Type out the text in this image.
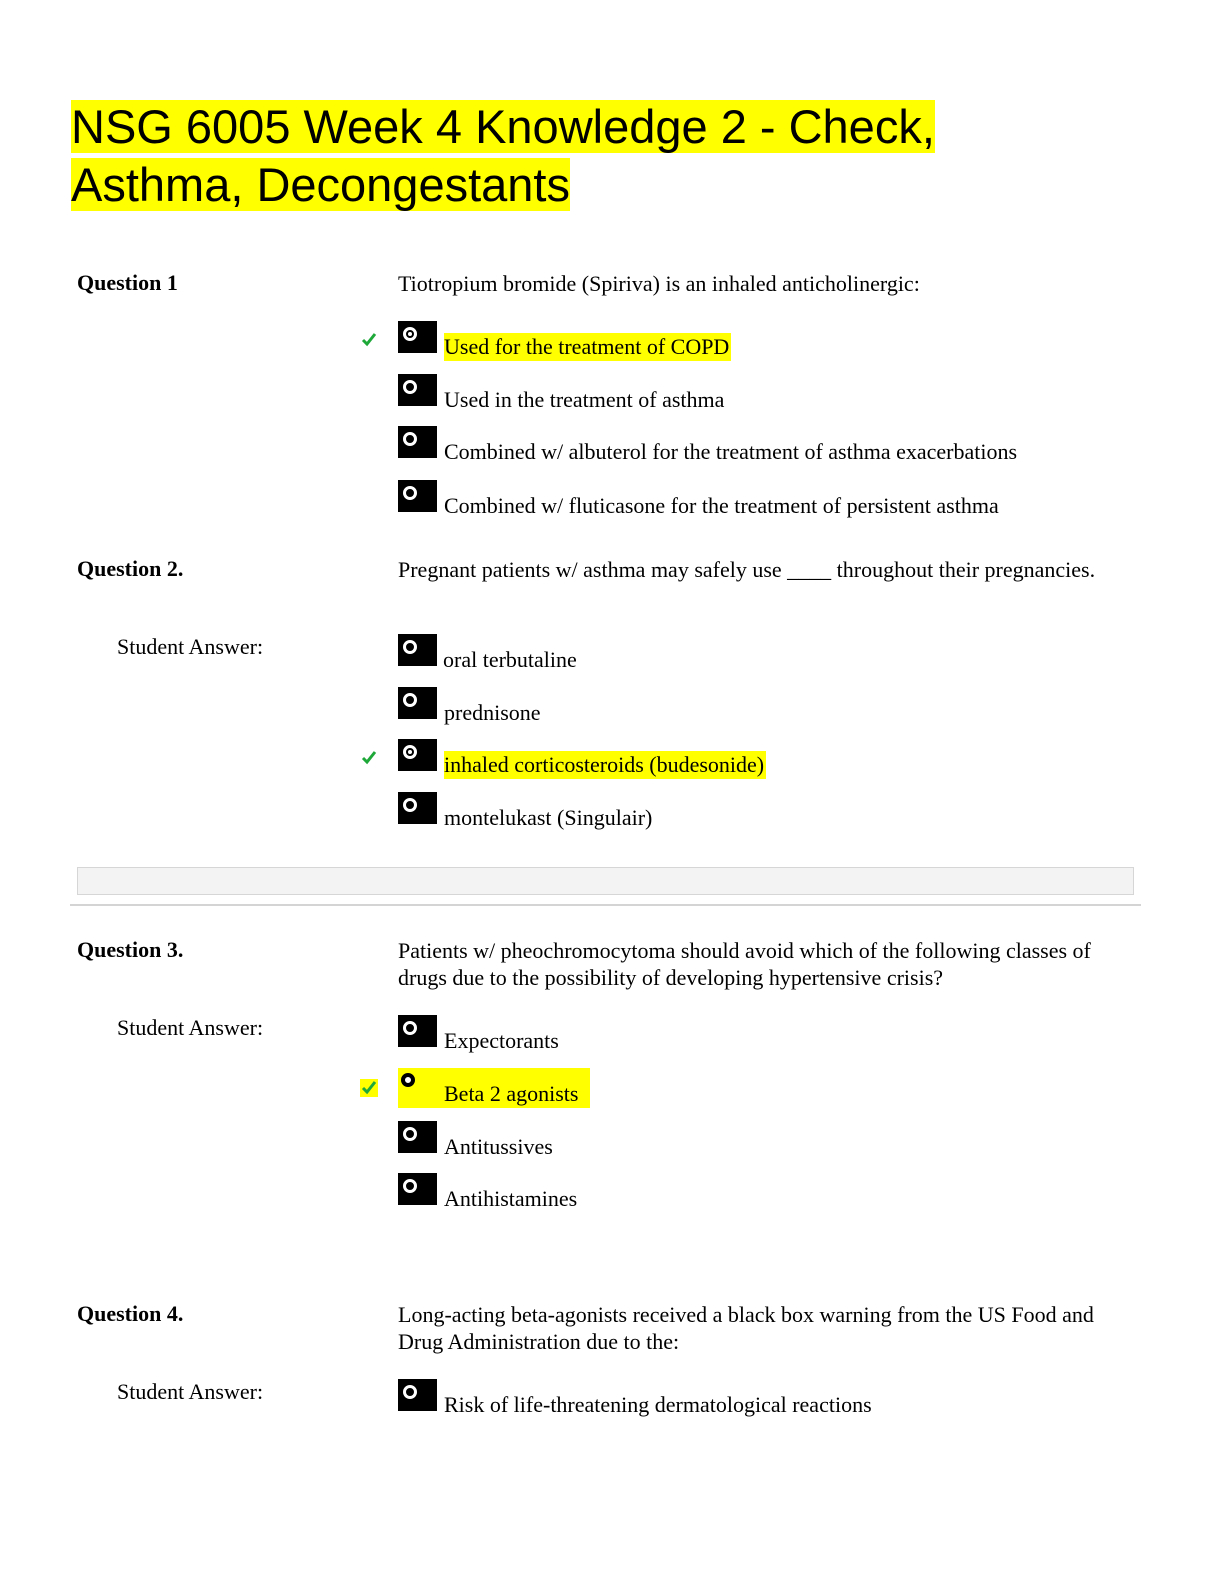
NSG 6005 Week 4 Knowledge 2 - Check,
Asthma, Decongestants

Question 1	Tiotropium bromide (Spiriva) is an inhaled anticholinergic:

Used for the treatment of COPD
Used in the treatment of asthma
Combined w/ albuterol for the treatment of asthma exacerbations
Combined w/ fluticasone for the treatment of persistent asthma

Question 2.	Pregnant patients w/ asthma may safely use ____ throughout their pregnancies.

Student Answer:

oral terbutaline
prednisone
inhaled corticosteroids (budesonide)
montelukast (Singulair)

Question 3.	Patients w/ pheochromocytoma should avoid which of the following classes of drugs due to the possibility of developing hypertensive crisis?

Student Answer:

Expectorants
Beta 2 agonists
Antitussives
Antihistamines

Question 4.	Long-acting beta-agonists received a black box warning from the US Food and Drug Administration due to the:

Student Answer:

Risk of life-threatening dermatological reactions
